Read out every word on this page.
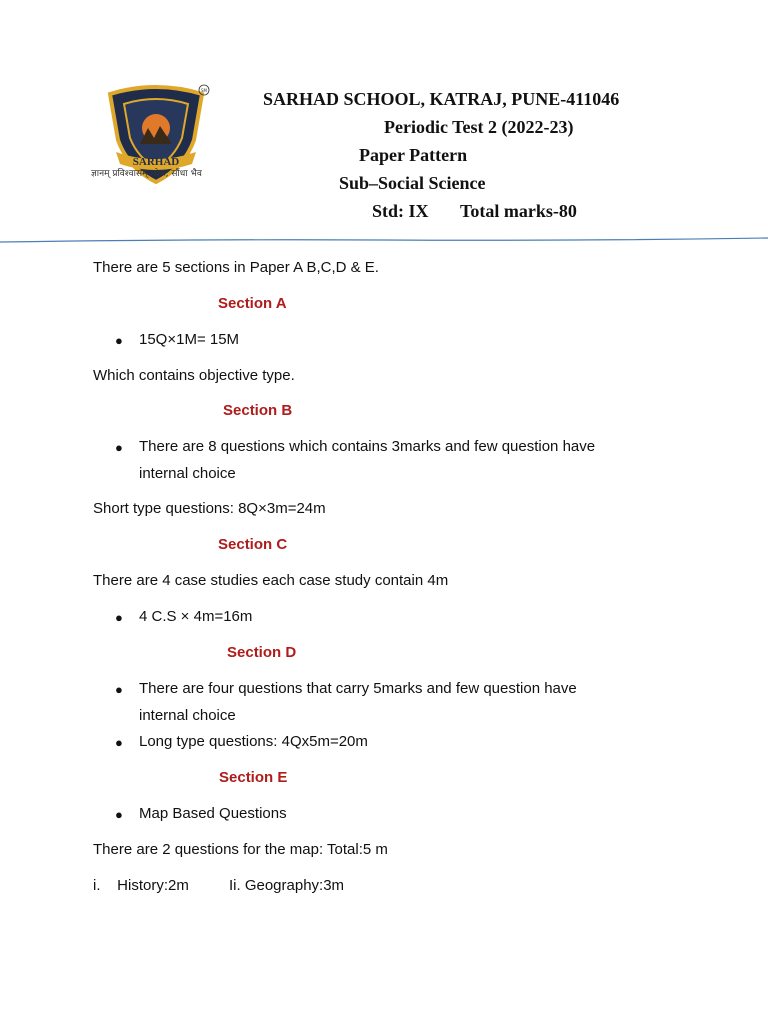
SARHAD
SM
ज्ञानम् प्रविश्वासम् लोक, सौंधा भैव
SARHAD SCHOOL, KATRAJ, PUNE-411046
Periodic Test 2 (2022-23)
Paper Pattern
Sub–Social Science
Std: IX Total marks-80
There are 5 sections in Paper A B,C,D & E.
Section A
● 15Q×1M= 15M
Which contains objective type.
Section B
● There are 8 questions which contains 3marks and few question have
internal choice
Short type questions: 8Q×3m=24m
Section C
There are 4 case studies each case study contain 4m
● 4 C.S × 4m=16m
Section D
● There are four questions that carry 5marks and few question have
internal choice
● Long type questions: 4Qx5m=20m
Section E
● Map Based Questions
There are 2 questions for the map: Total:5 m
i.    History:2m	Ii. Geography:3m
